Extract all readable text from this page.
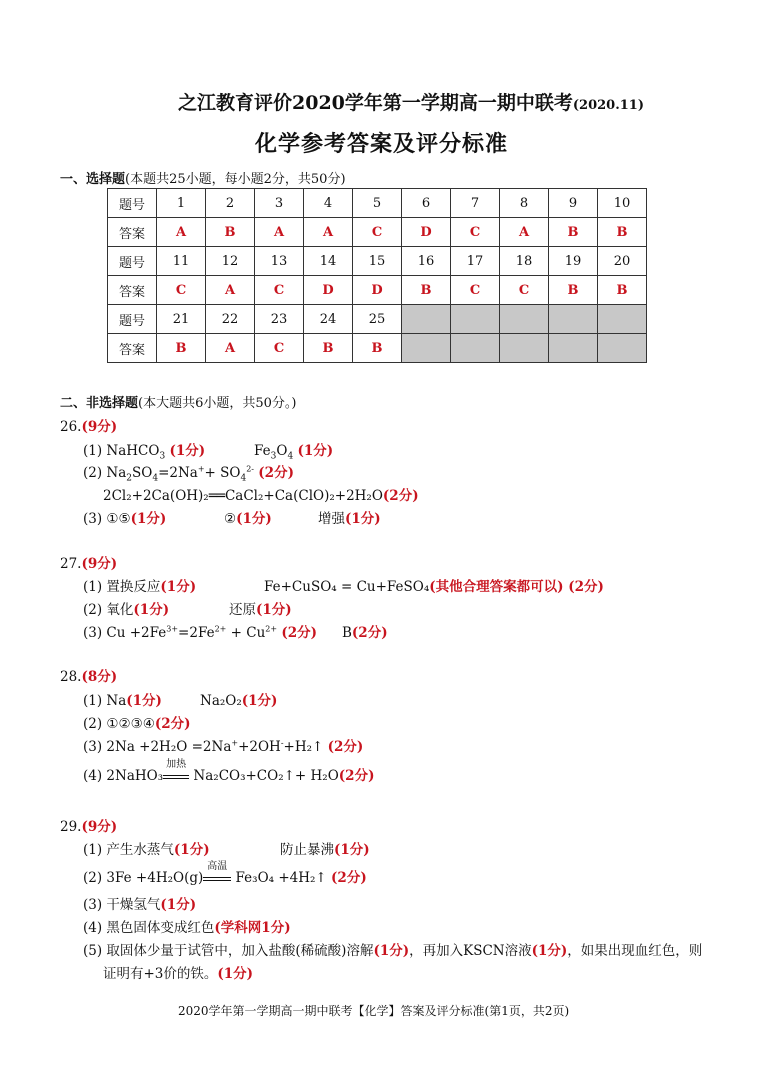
之江教育评价2020学年第一学期高一期中联考(2020.11)
化学参考答案及评分标准
一、选择题(本题共25小题，每小题2分，共50分)
题号	1	2	3	4	5	6	7	8	9	10
答案	A	B	A	A	C	D	C	A	B	B
题号	11	12	13	14	15	16	17	18	19	20
答案	C	A	C	D	D	B	C	C	B	B
题号	21	22	23	24	25					
答案	B	A	C	B	B					
二、非选择题(本大题共6小题，共50分。)
26.(9分)
(1) NaHCO$_3$ (1分)	$Fe_3O_4$ (1分)
(2) $Na_2SO_4=2Na^++ SO_4^{2-}$ (2分)
2Cl₂+2Ca(OH)₂══CaCl₂+Ca(ClO)₂+2H₂O(2分)
(3) ①⑤(1分)	②(1分)	增强(1分)
27.(9分)
(1) 置换反应(1分)	Fe+CuSO₄ = Cu+FeSO₄(其他合理答案都可以) (2分)
(2) 氧化(1分)	还原(1分)
(3) $Cu +2Fe^{3+}=2Fe^{2+} + Cu^{2+}$ (2分) B(2分)
28.(8分)
(1) Na(1分)	Na₂O₂(1分)
(2) ①②③④(2分)
(3) 2Na +2H₂O =2Na++2OH-+H₂↑ (2分)
(4) 2NaHO₃
加热
Na₂CO₃+CO₂↑+ H₂O(2分)
29.(9分)
(1) 产生水蒸气(1分)	防止暴沸(1分)
(2) 3Fe +4H₂O(g)
高温
Fe₃O₄ +4H₂↑ (2分)
(3) 干燥氢气(1分)
(4) 黑色固体变成红色(学科网1分)
(5) 取固体少量于试管中，加入盐酸(稀硫酸)溶解(1分)，再加入KSCN溶液(1分)，如果出现血红色，则
证明有+3价的铁。(1分)
2020学年第一学期高一期中联考【化学】答案及评分标准(第1页，共2页)
